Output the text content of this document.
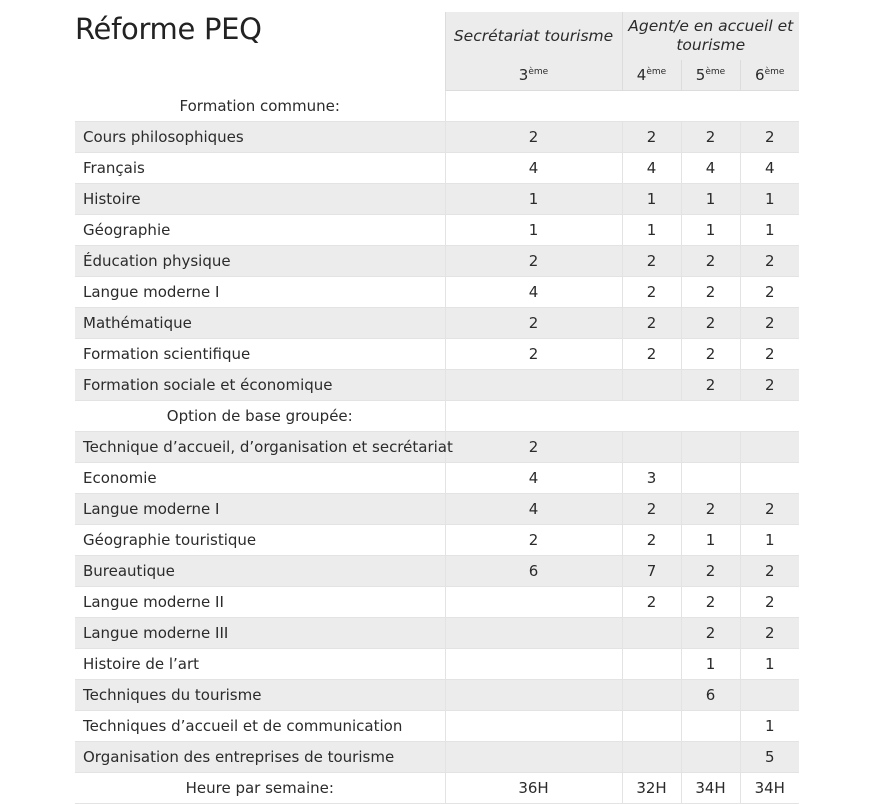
	Secrétariat tourisme	Agent/e en accueil et tourisme		
	3ème	4ème	5ème	6ème
Formation commune:				
Cours philosophiques	2	2	2	2
Français	4	4	4	4
Histoire	1	1	1	1
Géographie	1	1	1	1
Éducation physique	2	2	2	2
Langue moderne I	4	2	2	2
Mathématique	2	2	2	2
Formation scientifique	2	2	2	2
Formation sociale et économique			2	2
Option de base groupée:				
Technique d’accueil, d’organisation et secrétariat	2			
Economie	4	3		
Langue moderne I	4	2	2	2
Géographie touristique	2	2	1	1
Bureautique	6	7	2	2
Langue moderne II		2	2	2
Langue moderne III			2	2
Histoire de l’art			1	1
Techniques du tourisme			6	
Techniques d’accueil et de communication				1
Organisation des entreprises de tourisme				5
Heure par semaine:	36H	32H	34H	34H
Réforme PEQ
